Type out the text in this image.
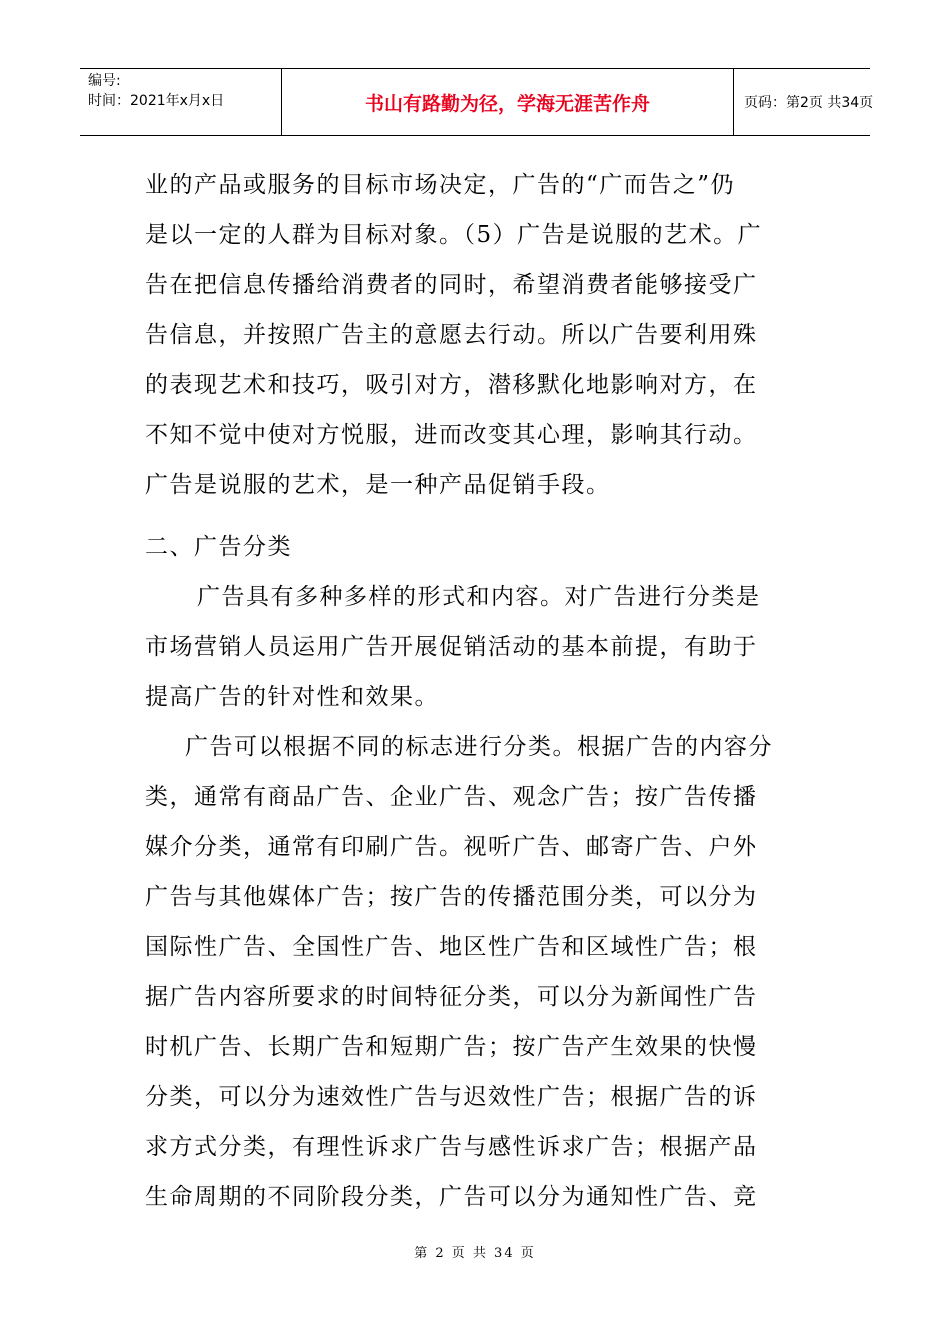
编号:
时间：2021年x月x日	书山有路勤为径，学海无涯苦作舟	页码：第2页 共34页
业的产品或服务的目标市场决定，广告的“广而告之”仍
是以一定的人群为目标对象。（5）广告是说服的艺术。广
告在把信息传播给消费者的同时，希望消费者能够接受广
告信息，并按照广告主的意愿去行动。所以广告要利用殊
的表现艺术和技巧，吸引对方，潜移默化地影响对方，在
不知不觉中使对方悦服，进而改变其心理，影响其行动。
广告是说服的艺术，是一种产品促销手段。
二、广告分类
广告具有多种多样的形式和内容。对广告进行分类是
市场营销人员运用广告开展促销活动的基本前提，有助于
提高广告的针对性和效果。
广告可以根据不同的标志进行分类。根据广告的内容分
类，通常有商品广告、企业广告、观念广告；按广告传播
媒介分类，通常有印刷广告。视听广告、邮寄广告、户外
广告与其他媒体广告；按广告的传播范围分类，可以分为
国际性广告、全国性广告、地区性广告和区域性广告；根
据广告内容所要求的时间特征分类，可以分为新闻性广告
时机广告、长期广告和短期广告；按广告产生效果的快慢
分类，可以分为速效性广告与迟效性广告；根据广告的诉
求方式分类，有理性诉求广告与感性诉求广告；根据产品
生命周期的不同阶段分类，广告可以分为通知性广告、竞
第 2 页 共 34 页
